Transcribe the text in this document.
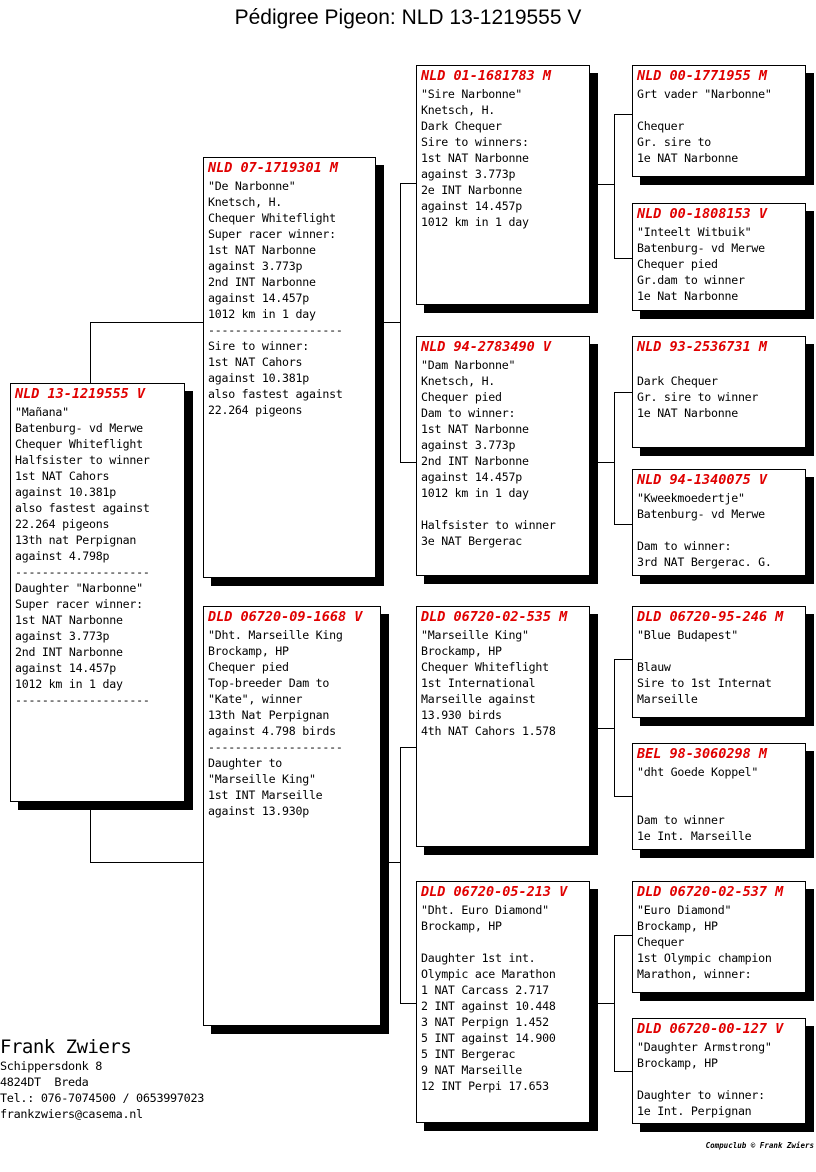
Pédigree Pigeon: NLD 13-1219555 V
NLD 13-1219555 V
"Mañana"
Batenburg- vd Merwe
Chequer Whiteflight
Halfsister to winner
1st NAT Cahors
against 10.381p
also fastest against
22.264 pigeons
13th nat Perpignan
against 4.798p
--------------------
Daughter "Narbonne"
Super racer winner:
1st NAT Narbonne
against 3.773p
2nd INT Narbonne
against 14.457p
1012 km in 1 day
--------------------
NLD 07-1719301 M
"De Narbonne"
Knetsch, H.
Chequer Whiteflight
Super racer winner:
1st NAT Narbonne
against 3.773p
2nd INT Narbonne
against 14.457p
1012 km in 1 day
--------------------
Sire to winner:
1st NAT Cahors
against 10.381p
also fastest against
22.264 pigeons
DLD 06720-09-1668 V
"Dht. Marseille King
Brockamp, HP
Chequer pied
Top-breeder Dam to
"Kate", winner
13th Nat Perpignan
against 4.798 birds
--------------------
Daughter to
"Marseille King"
1st INT Marseille
against 13.930p
NLD 01-1681783 M
"Sire Narbonne"
Knetsch, H.
Dark Chequer
Sire to winners:
1st NAT Narbonne
against 3.773p
2e INT Narbonne
against 14.457p
1012 km in 1 day
NLD 94-2783490 V
"Dam Narbonne"
Knetsch, H.
Chequer pied
Dam to winner:
1st NAT Narbonne
against 3.773p
2nd INT Narbonne
against 14.457p
1012 km in 1 day

Halfsister to winner
3e NAT Bergerac
DLD 06720-02-535 M
"Marseille King"
Brockamp, HP
Chequer Whiteflight
1st International
Marseille against
13.930 birds
4th NAT Cahors 1.578
DLD 06720-05-213 V
"Dht. Euro Diamond"
Brockamp, HP

Daughter 1st int.
Olympic ace Marathon
1 NAT Carcass 2.717
2 INT against 10.448
3 NAT Perpign 1.452
5 INT against 14.900
5 INT Bergerac
9 NAT Marseille
12 INT Perpi 17.653
NLD 00-1771955 M
Grt vader "Narbonne"

Chequer
Gr. sire to
1e NAT Narbonne
NLD 00-1808153 V
"Inteelt Witbuik"
Batenburg- vd Merwe
Chequer pied
Gr.dam to winner
1e Nat Narbonne
NLD 93-2536731 M

Dark Chequer
Gr. sire to winner
1e NAT Narbonne
NLD 94-1340075 V
"Kweekmoedertje"
Batenburg- vd Merwe

Dam to winner:
3rd NAT Bergerac. G.
DLD 06720-95-246 M
"Blue Budapest"

Blauw
Sire to 1st Internat
Marseille
BEL 98-3060298 M
"dht Goede Koppel"

Dam to winner
1e Int. Marseille
DLD 06720-02-537 M
"Euro Diamond"
Brockamp, HP
Chequer
1st Olympic champion
Marathon, winner:
DLD 06720-00-127 V
"Daughter Armstrong"
Brockamp, HP

Daughter to winner:
1e Int. Perpignan
Frank Zwiers
Schippersdonk 8
4824DT  Breda
Tel.: 076-7074500 / 0653997023
frankzwiers@casema.nl
Compuclub © Frank Zwiers
